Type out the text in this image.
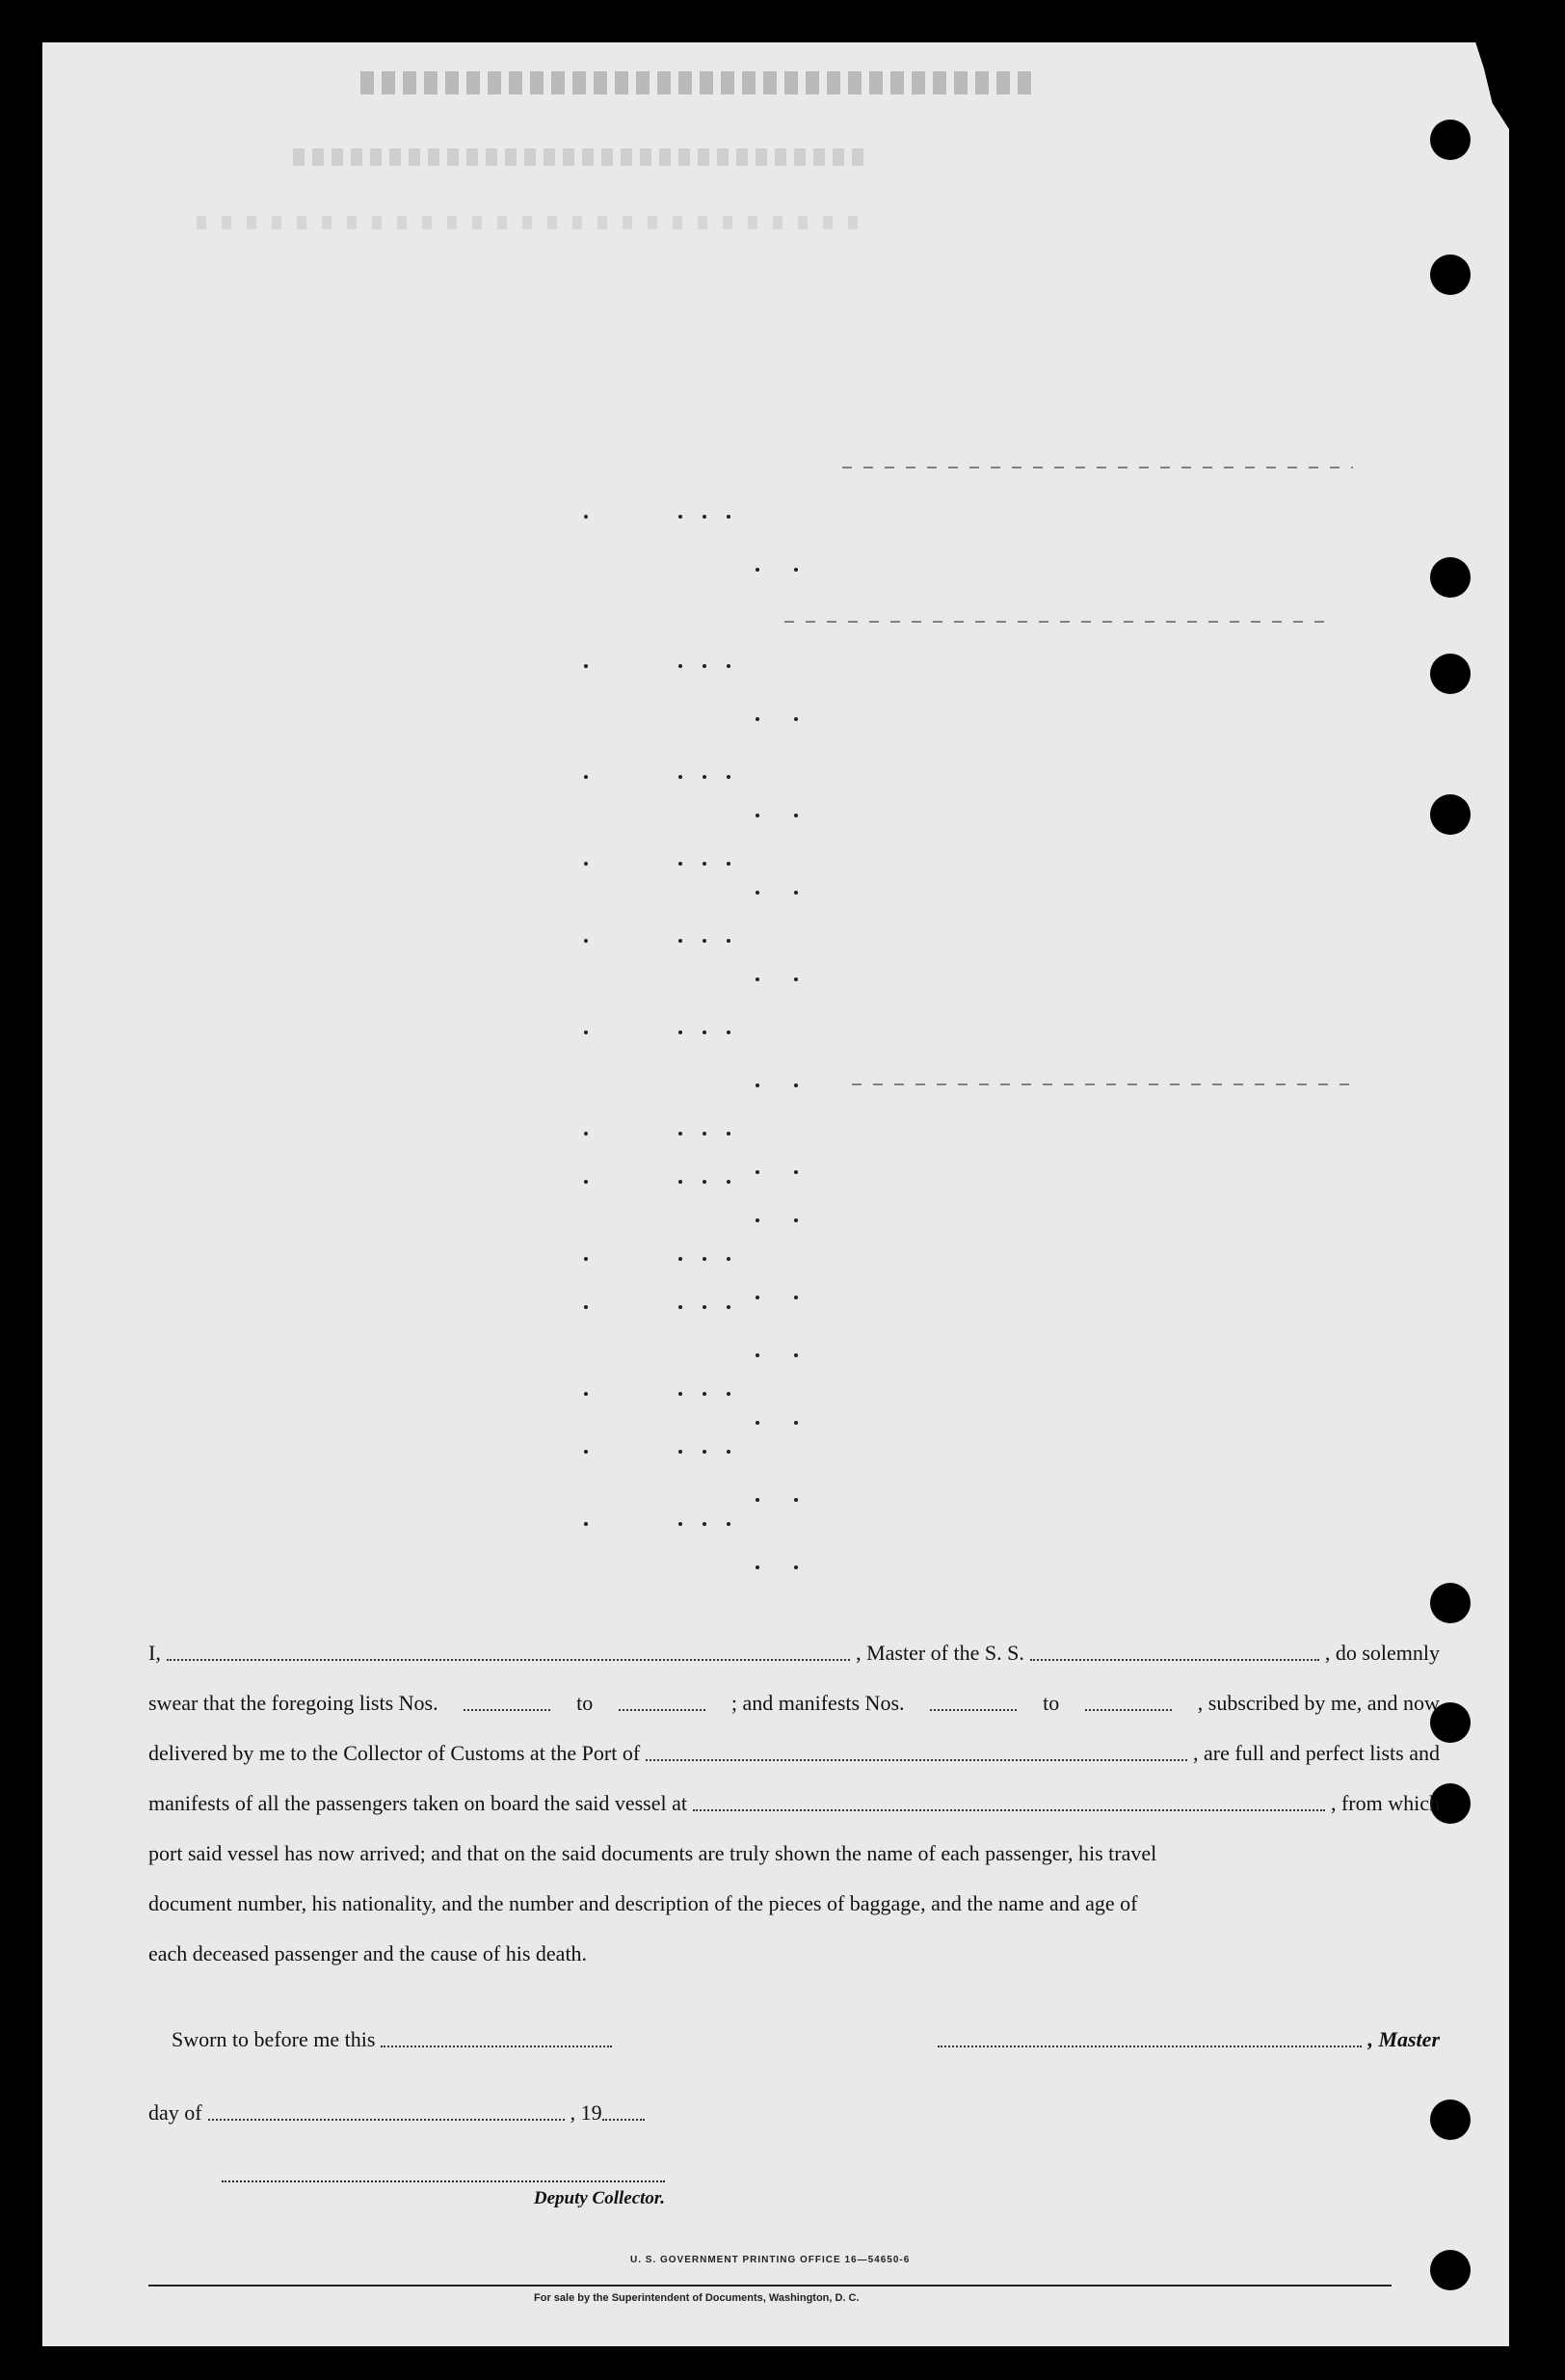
I,	, Master of the S. S.	, do solemnly
swear that the foregoing lists Nos.	to	; and manifests Nos.	to	, subscribed by me, and now
delivered by me to the Collector of Customs at the Port of	, are full and perfect lists and
manifests of all the passengers taken on board the said vessel at	, from which
port said vessel has now arrived; and that on the said documents are truly shown the name of each passenger, his travel
document number, his nationality, and the number and description of the pieces of baggage, and the name and age of
each deceased passenger and the cause of his death.
Sworn to before me this	, Master
day of	, 19
Deputy Collector.
U. S. GOVERNMENT PRINTING OFFICE 16—54650-6
For sale by the Superintendent of Documents, Washington, D. C.
